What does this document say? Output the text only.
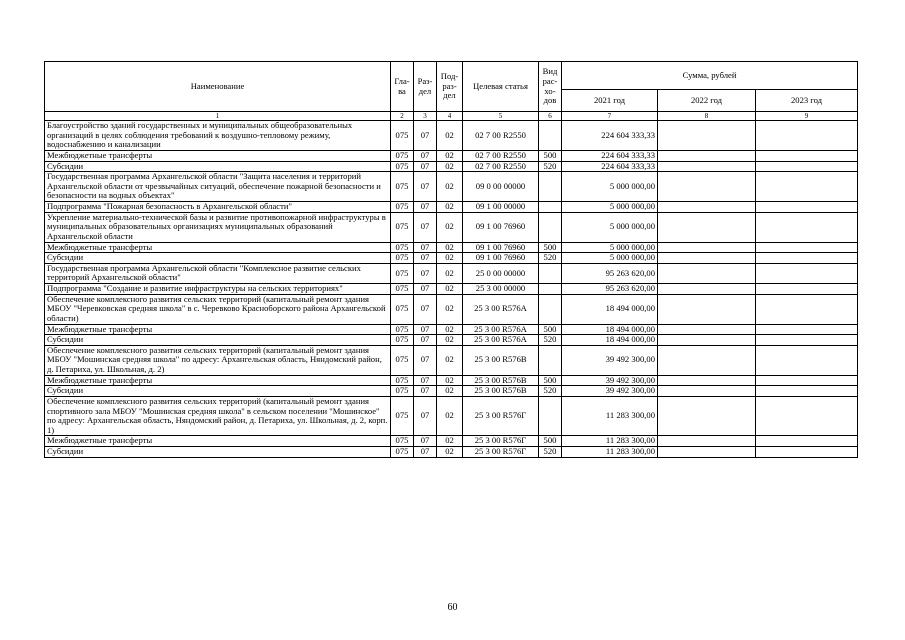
Наименование	Гла-ва	Раз-дел	Под-раз-дел	Целевая статья	Вид рас-хо-дов	Сумма, рублей		
						2021 год	2022 год	2023 год
1	2	3	4	5	6	7	8	9
Благоустройство зданий государственных и муниципальных общеобразовательных организаций в целях соблюдения требований к воздушно-тепловому режиму, водоснабжению и канализации	075	07	02	02 7 00 R2550		224 604 333,33		
Межбюджетные трансферты	075	07	02	02 7 00 R2550	500	224 604 333,33		
Субсидии	075	07	02	02 7 00 R2550	520	224 604 333,33		
Государственная программа Архангельской области "Защита населения и территорий Архангельской области от чрезвычайных ситуаций, обеспечение пожарной безопасности и безопасности на водных объектах"	075	07	02	09 0 00 00000		5 000 000,00		
Подпрограмма "Пожарная безопасность в Архангельской области"	075	07	02	09 1 00 00000		5 000 000,00		
Укрепление материально-технической базы и развитие противопожарной инфраструктуры в муниципальных образовательных организациях муниципальных образований Архангельской области	075	07	02	09 1 00 76960		5 000 000,00		
Межбюджетные трансферты	075	07	02	09 1 00 76960	500	5 000 000,00		
Субсидии	075	07	02	09 1 00 76960	520	5 000 000,00		
Государственная программа Архангельской области "Комплексное развитие сельских территорий Архангельской области"	075	07	02	25 0 00 00000		95 263 620,00		
Подпрограмма "Создание и развитие инфраструктуры на сельских территориях"	075	07	02	25 3 00 00000		95 263 620,00		
Обеспечение комплексного развития сельских территорий (капитальный ремонт здания МБОУ "Черевковская средняя школа" в с. Черевково Красноборского района Архангельской области)	075	07	02	25 3 00 R576A		18 494 000,00		
Межбюджетные трансферты	075	07	02	25 3 00 R576A	500	18 494 000,00		
Субсидии	075	07	02	25 3 00 R576A	520	18 494 000,00		
Обеспечение комплексного развития сельских территорий (капитальный ремонт здания МБОУ "Мошинская средняя школа" по адресу: Архангельская область, Няндомский район, д. Петариха, ул. Школьная, д. 2)	075	07	02	25 3 00 R576B		39 492 300,00		
Межбюджетные трансферты	075	07	02	25 3 00 R576B	500	39 492 300,00		
Субсидии	075	07	02	25 3 00 R576B	520	39 492 300,00		
Обеспечение комплексного развития сельских территорий (капитальный ремонт здания спортивного зала МБОУ "Мошинская средняя школа" в сельском поселении "Мошинское" по адресу: Архангельская область, Няндомский район, д. Петариха, ул. Школьная, д. 2, корп. 1)	075	07	02	25 3 00 R576Г		11 283 300,00		
Межбюджетные трансферты	075	07	02	25 3 00 R576Г	500	11 283 300,00		
Субсидии	075	07	02	25 3 00 R576Г	520	11 283 300,00		
60
